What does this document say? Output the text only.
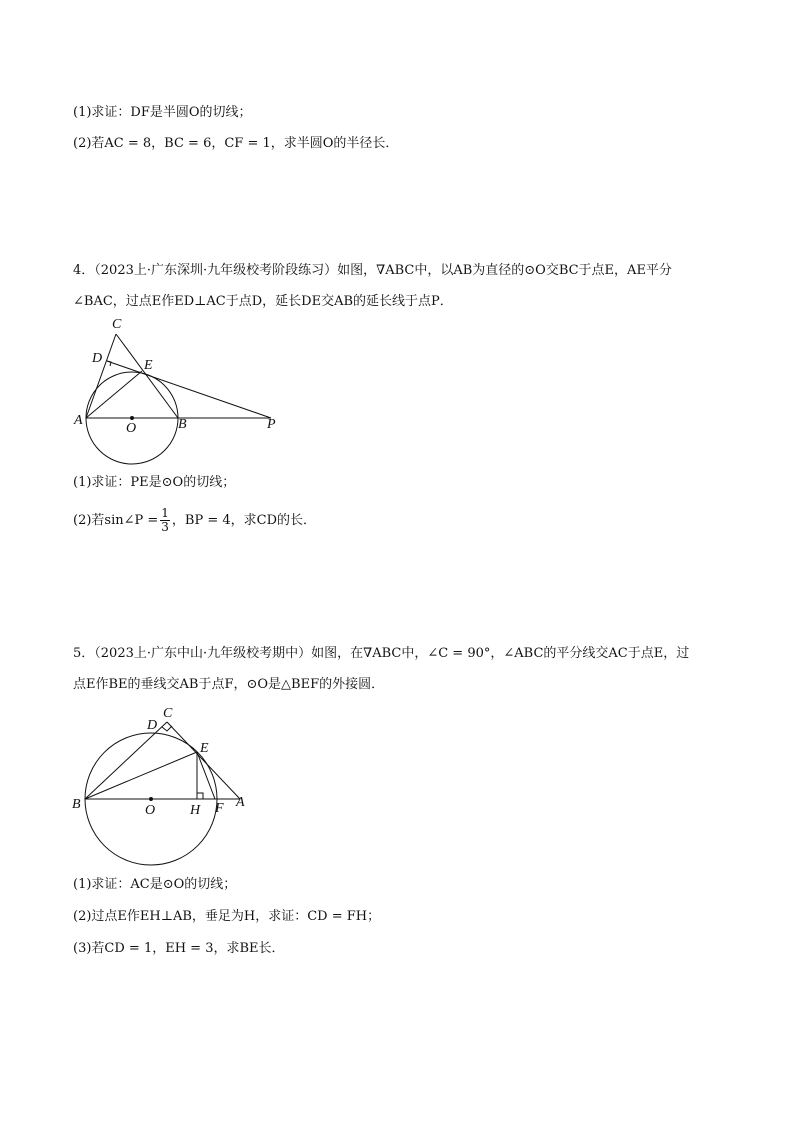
(1)求证：DF是半圆O的切线；
(2)若AC = 8，BC = 6，CF = 1，求半圆O的半径长．
4．（2023上·广东深圳·九年级校考阶段练习）如图，∇ABC中，以AB为直径的⊙O交BC于点E，AE平分
∠BAC，过点E作ED⊥AC于点D，延长DE交AB的延长线于点P．
C
D	E
A
O	B	P
(1)求证：PE是⊙O的切线；
(2)若sin∠P = $\frac{1}{3}$ ，BP = 4，求CD的长．
5．（2023上·广东中山·九年级校考期中）如图，在∇ABC中，∠C = 90°，∠ABC的平分线交AC于点E，过
点E作BE的垂线交AB于点F，⊙O是△BEF的外接圆．
C
D
E
B	O H F A
(1)求证：AC是⊙O的切线；
(2)过点E作EH⊥AB，垂足为H，求证：CD = FH；
(3)若CD = 1，EH = 3，求BE长．
